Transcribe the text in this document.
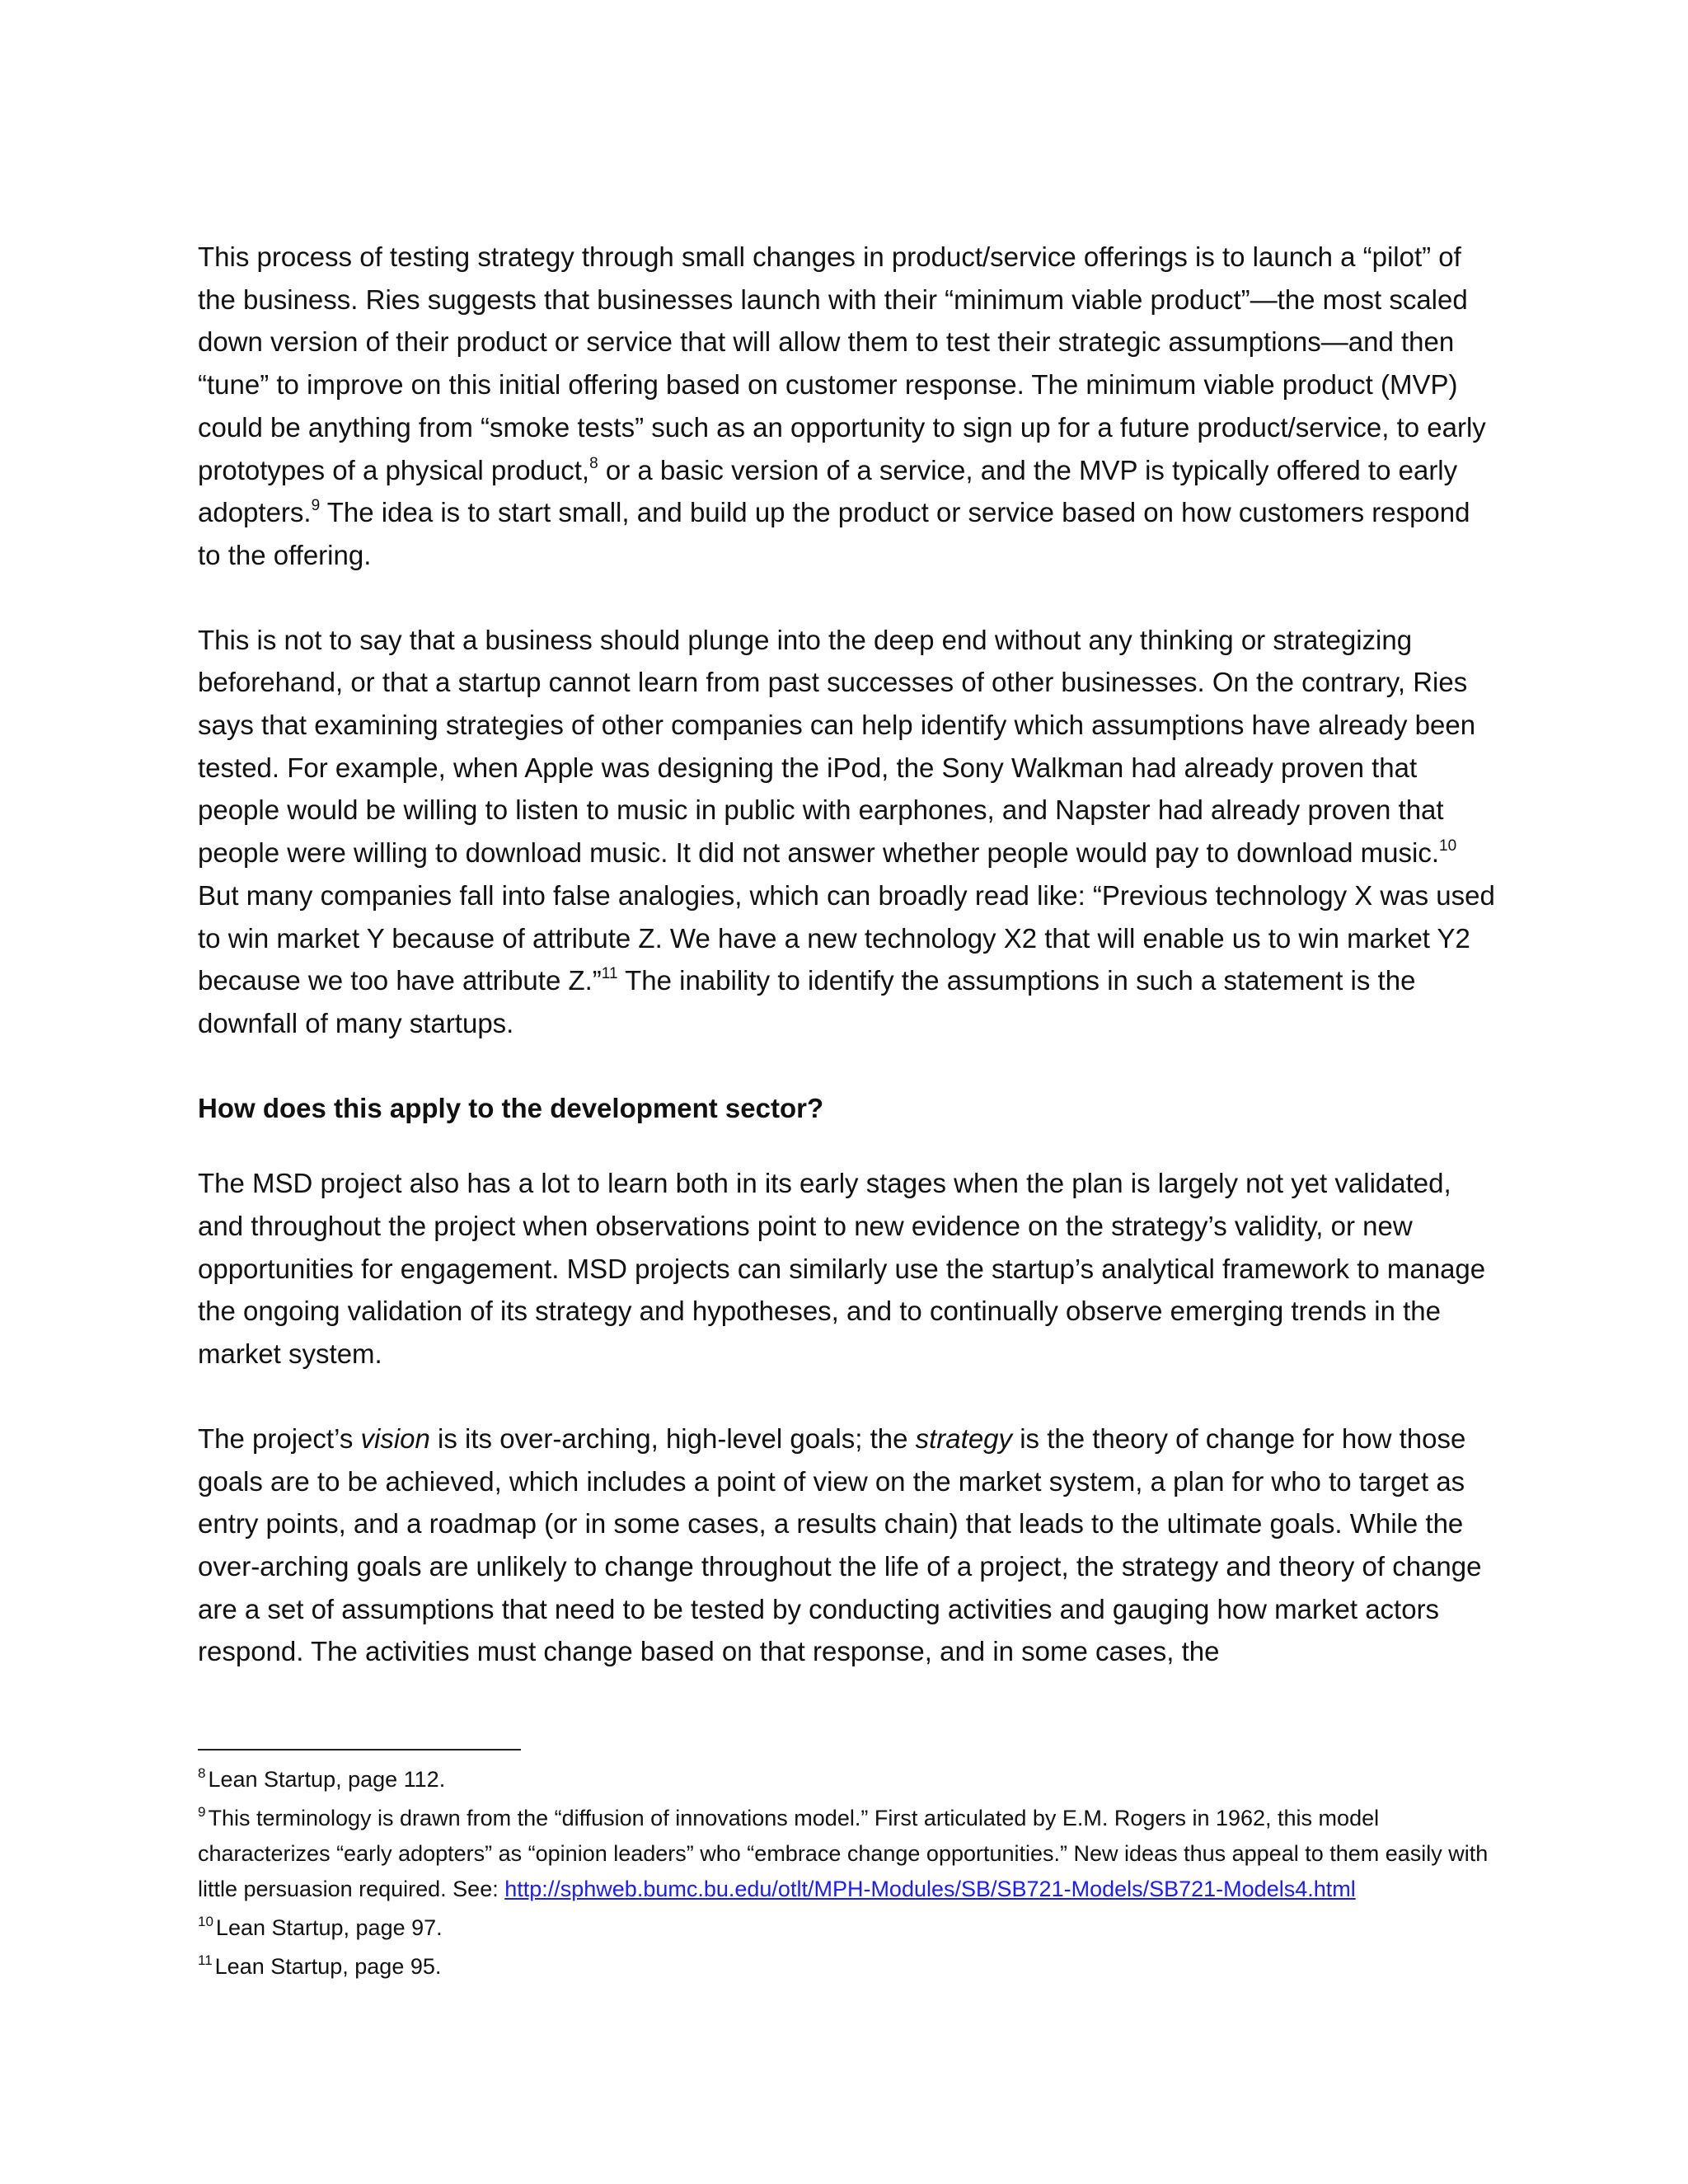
This process of testing strategy through small changes in product/service offerings is to launch a “pilot” of the business. Ries suggests that businesses launch with their “minimum viable product”—the most scaled down version of their product or service that will allow them to test their strategic assumptions—and then “tune” to improve on this initial offering based on customer response. The minimum viable product (MVP) could be anything from “smoke tests” such as an opportunity to sign up for a future product/service, to early prototypes of a physical product,$^8$ or a basic version of a service, and the MVP is typically offered to early adopters.$^9$ The idea is to start small, and build up the product or service based on how customers respond to the offering.

This is not to say that a business should plunge into the deep end without any thinking or strategizing beforehand, or that a startup cannot learn from past successes of other businesses. On the contrary, Ries says that examining strategies of other companies can help identify which assumptions have already been tested. For example, when Apple was designing the iPod, the Sony Walkman had already proven that people would be willing to listen to music in public with earphones, and Napster had already proven that people were willing to download music. It did not answer whether people would pay to download music.$^{10}$ But many companies fall into false analogies, which can broadly read like: “Previous technology X was used to win market Y because of attribute Z. We have a new technology X2 that will enable us to win market Y2 because we too have attribute Z.”$^{11}$ The inability to identify the assumptions in such a statement is the downfall of many startups.

How does this apply to the development sector?

The MSD project also has a lot to learn both in its early stages when the plan is largely not yet validated, and throughout the project when observations point to new evidence on the strategy’s validity, or new opportunities for engagement. MSD projects can similarly use the startup’s analytical framework to manage the ongoing validation of its strategy and hypotheses, and to continually observe emerging trends in the market system.

The project’s vision is its over-arching, high-level goals; the strategy is the theory of change for how those goals are to be achieved, which includes a point of view on the market system, a plan for who to target as entry points, and a roadmap (or in some cases, a results chain) that leads to the ultimate goals. While the over-arching goals are unlikely to change throughout the life of a project, the strategy and theory of change are a set of assumptions that need to be tested by conducting activities and gauging how market actors respond. The activities must change based on that response, and in some cases, the

$^8$ Lean Startup, page 112.

$^9$ This terminology is drawn from the “diffusion of innovations model.” First articulated by E.M. Rogers in 1962, this model characterizes “early adopters” as “opinion leaders” who “embrace change opportunities.” New ideas thus appeal to them easily with little persuasion required. See: http://sphweb.bumc.bu.edu/otlt/MPH-Modules/SB/SB721-Models/SB721-Models4.html

$^{10}$ Lean Startup, page 97.

$^{11}$ Lean Startup, page 95.
